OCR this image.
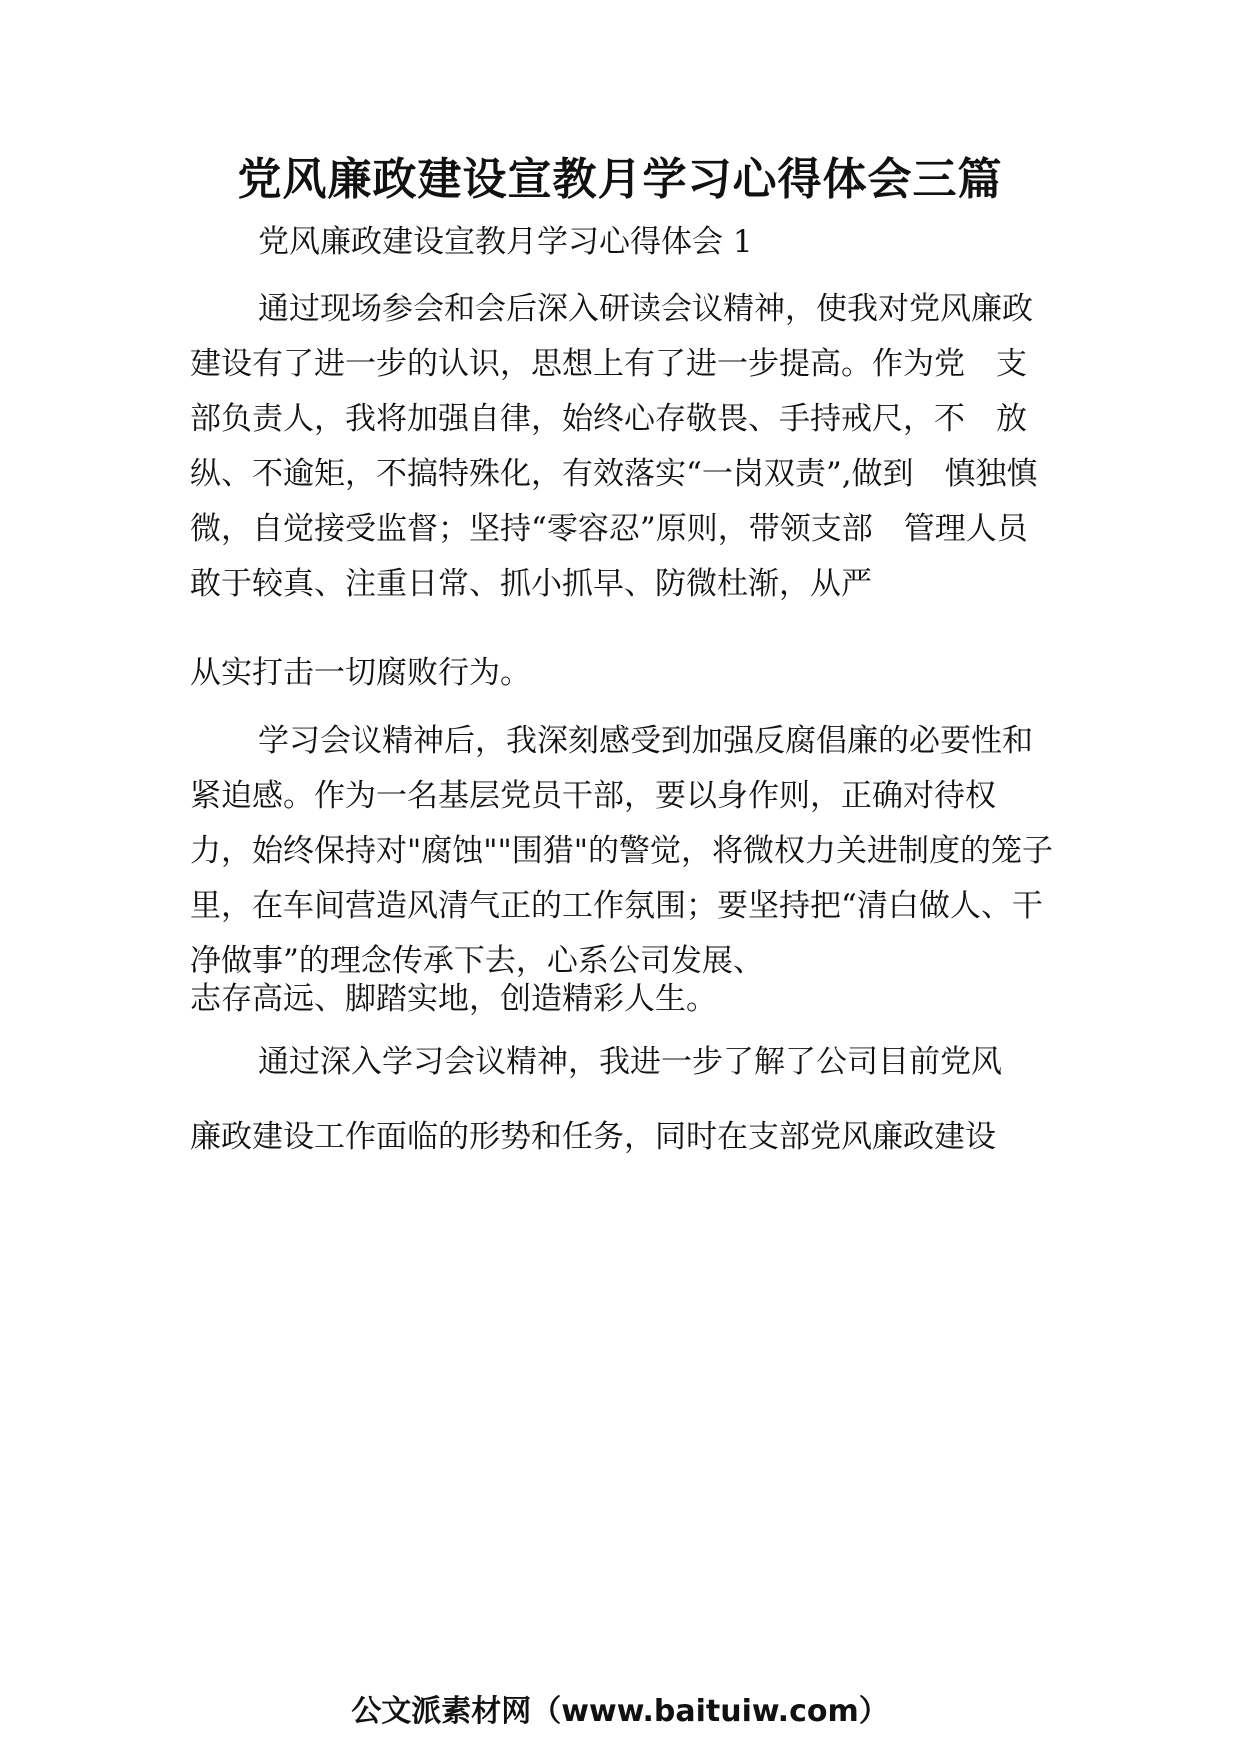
党风廉政建设宣教月学习心得体会三篇

党风廉政建设宣教月学习心得体会 1

通过现场参会和会后深入研读会议精神，使我对党风廉政建设有了进一步的认识，思想上有了进一步提高。作为党　支部负责人，我将加强自律，始终心存敬畏、手持戒尺，不　放纵、不逾矩，不搞特殊化，有效落实“一岗双责”,做到　慎独慎微，自觉接受监督；坚持“零容忍”原则，带领支部　管理人员敢于较真、注重日常、抓小抓早、防微杜渐，从严

从实打击一切腐败行为。

学习会议精神后，我深刻感受到加强反腐倡廉的必要性和紧迫感。作为一名基层党员干部，要以身作则，正确对待权力，始终保持对"腐蚀""围猎"的警觉，将微权力关进制度的笼子里，在车间营造风清气正的工作氛围；要坚持把“清白做人、干净做事”的理念传承下去，心系公司发展、

志存高远、脚踏实地，创造精彩人生。

通过深入学习会议精神，我进一步了解了公司目前党风

廉政建设工作面临的形势和任务，同时在支部党风廉政建设

公文派素材网（www.baituiw.com）
